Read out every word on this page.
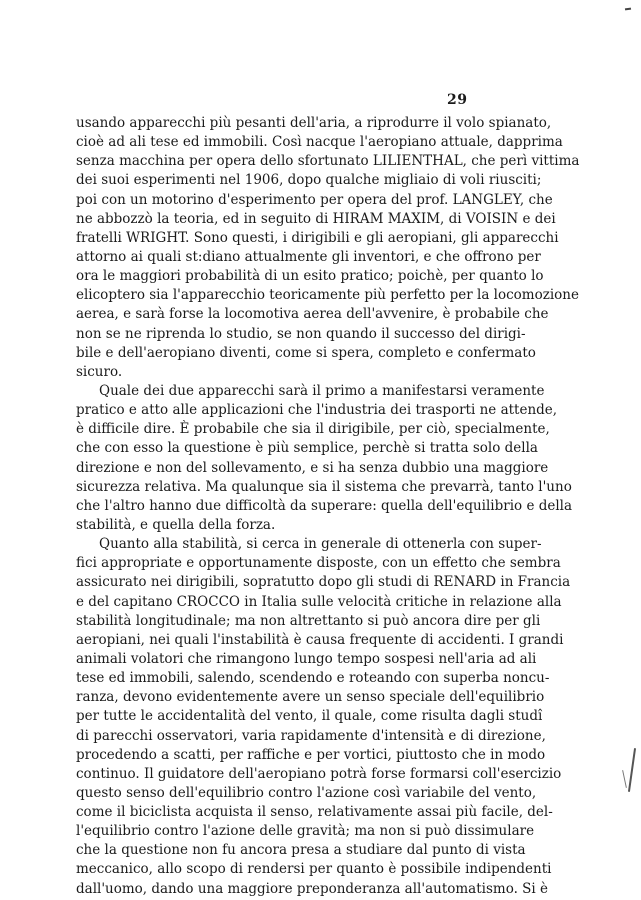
29
usando apparecchi più pesanti dell'aria, a riprodurre il volo spianato,
cioè ad ali tese ed immobili. Così nacque l'aeropiano attuale, dapprima
senza macchina per opera dello sfortunato LILIENTHAL, che perì vittima
dei suoi esperimenti nel 1906, dopo qualche migliaio di voli riusciti;
poi con un motorino d'esperimento per opera del prof. LANGLEY, che
ne abbozzò la teoria, ed in seguito di HIRAM MAXIM, di VOISIN e dei
fratelli WRIGHT. Sono questi, i dirigibili e gli aeropiani, gli apparecchi
attorno ai quali st:diano attualmente gli inventori, e che offrono per
ora le maggiori probabilità di un esito pratico; poichè, per quanto lo
elicoptero sia l'apparecchio teoricamente più perfetto per la locomozione
aerea, e sarà forse la locomotiva aerea dell'avvenire, è probabile che
non se ne riprenda lo studio, se non quando il successo del dirigi-
bile e dell'aeropiano diventi, come si spera, completo e confermato
sicuro.
Quale dei due apparecchi sarà il primo a manifestarsi veramente
pratico e atto alle applicazioni che l'industria dei trasporti ne attende,
è difficile dire. È probabile che sia il dirigibile, per ciò, specialmente,
che con esso la questione è più semplice, perchè si tratta solo della
direzione e non del sollevamento, e si ha senza dubbio una maggiore
sicurezza relativa. Ma qualunque sia il sistema che prevarrà, tanto l'uno
che l'altro hanno due difficoltà da superare: quella dell'equilibrio e della
stabilità, e quella della forza.
Quanto alla stabilità, si cerca in generale di ottenerla con super-
fici appropriate e opportunamente disposte, con un effetto che sembra
assicurato nei dirigibili, sopratutto dopo gli studi di RENARD in Francia
e del capitano CROCCO in Italia sulle velocità critiche in relazione alla
stabilità longitudinale; ma non altrettanto si può ancora dire per gli
aeropiani, nei quali l'instabilità è causa frequente di accidenti. I grandi
animali volatori che rimangono lungo tempo sospesi nell'aria ad ali
tese ed immobili, salendo, scendendo e roteando con superba noncu-
ranza, devono evidentemente avere un senso speciale dell'equilibrio
per tutte le accidentalità del vento, il quale, come risulta dagli studî
di parecchi osservatori, varia rapidamente d'intensità e di direzione,
procedendo a scatti, per raffiche e per vortici, piuttosto che in modo
continuo. Il guidatore dell'aeropiano potrà forse formarsi coll'esercizio
questo senso dell'equilibrio contro l'azione così variabile del vento,
come il biciclista acquista il senso, relativamente assai più facile, del-
l'equilibrio contro l'azione delle gravità; ma non si può dissimulare
che la questione non fu ancora presa a studiare dal punto di vista
meccanico, allo scopo di rendersi per quanto è possibile indipendenti
dall'uomo, dando una maggiore preponderanza all'automatismo. Si è
